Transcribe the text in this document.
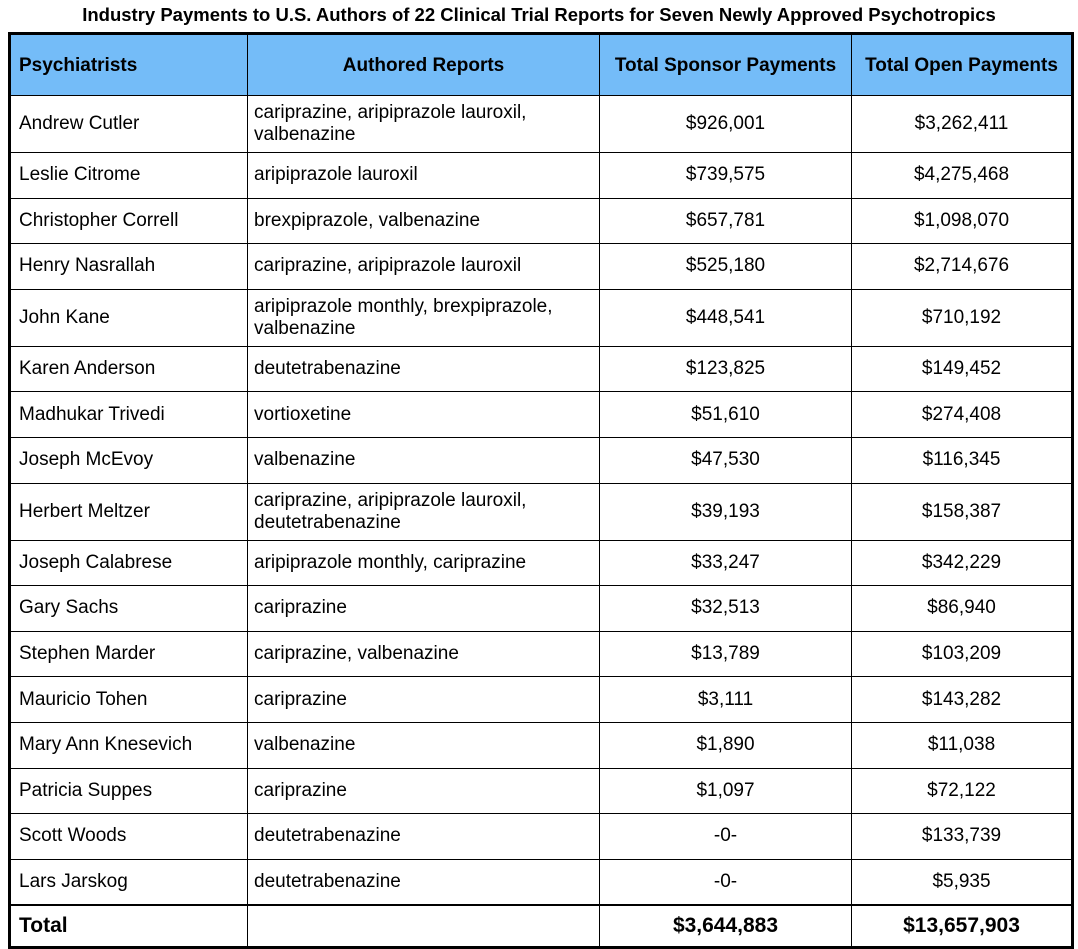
Industry Payments to U.S. Authors of 22 Clinical Trial Reports for Seven Newly Approved Psychotropics
Psychiatrists	Authored Reports	Total Sponsor Payments	Total Open Payments
Andrew Cutler	cariprazine, aripiprazole lauroxil, valbenazine	$926,001	$3,262,411
Leslie Citrome	aripiprazole lauroxil	$739,575	$4,275,468
Christopher Correll	brexpiprazole, valbenazine	$657,781	$1,098,070
Henry Nasrallah	cariprazine, aripiprazole lauroxil	$525,180	$2,714,676
John Kane	aripiprazole monthly, brexpiprazole, valbenazine	$448,541	$710,192
Karen Anderson	deutetrabenazine	$123,825	$149,452
Madhukar Trivedi	vortioxetine	$51,610	$274,408
Joseph McEvoy	valbenazine	$47,530	$116,345
Herbert Meltzer	cariprazine, aripiprazole lauroxil, deutetrabenazine	$39,193	$158,387
Joseph Calabrese	aripiprazole monthly, cariprazine	$33,247	$342,229
Gary Sachs	cariprazine	$32,513	$86,940
Stephen Marder	cariprazine, valbenazine	$13,789	$103,209
Mauricio Tohen	cariprazine	$3,111	$143,282
Mary Ann Knesevich	valbenazine	$1,890	$11,038
Patricia Suppes	cariprazine	$1,097	$72,122
Scott Woods	deutetrabenazine	-0-	$133,739
Lars Jarskog	deutetrabenazine	-0-	$5,935
Total		$3,644,883	$13,657,903
